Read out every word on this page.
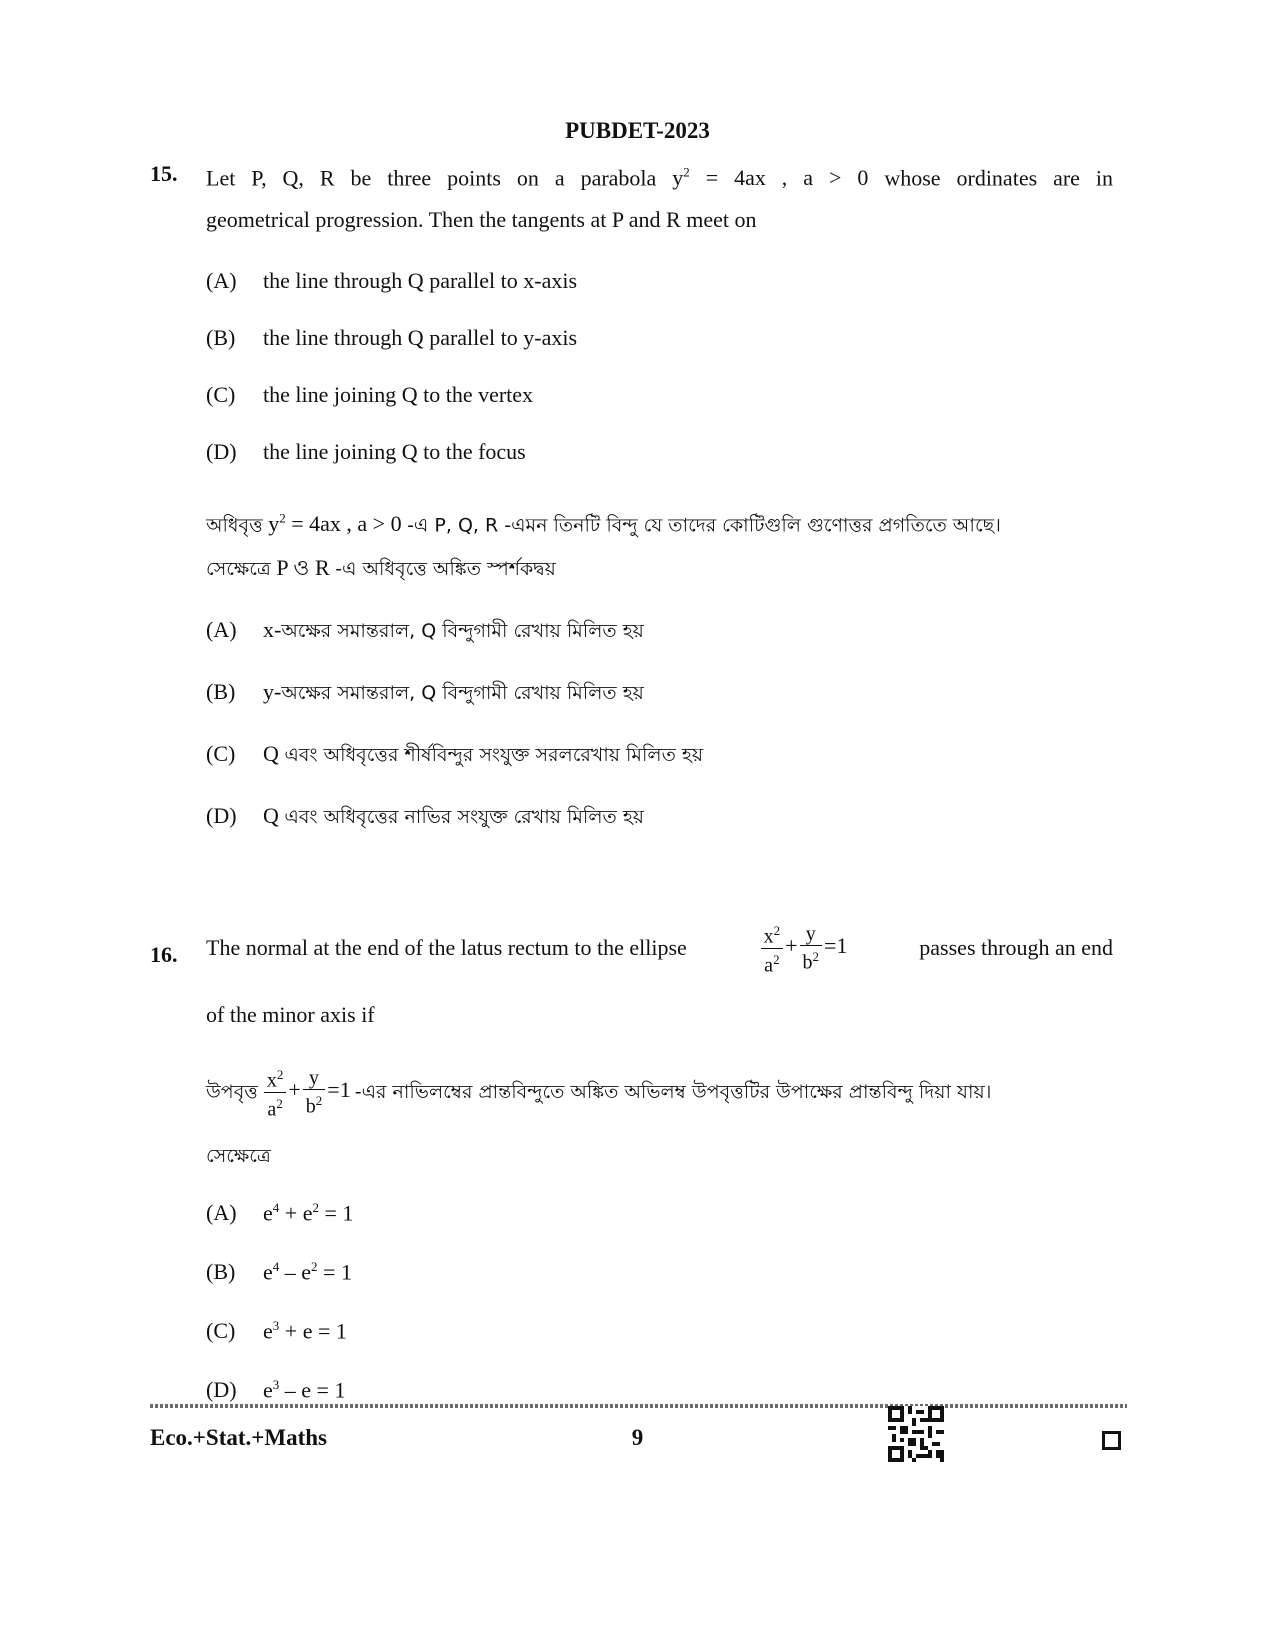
PUBDET-2023
15. Let P, Q, R be three points on a parabola $y^2 = 4ax$ , a > 0 whose ordinates are in
geometrical progression. Then the tangents at P and R meet on
(A) the line through Q parallel to x-axis
(B) the line through Q parallel to y-axis
(C) the line joining Q to the vertex
(D) the line joining Q to the focus
অধিবৃত্ত $y^2 = 4ax$ , a > 0 -এ P, Q, R -এমন তিনটি বিন্দু যে তাদের কোটিগুলি গুণোত্তর প্রগতিতে আছে।
সেক্ষেত্রে P ও R -এ অধিবৃত্তে অঙ্কিত স্পর্শকদ্বয়
(A) x-অক্ষের সমান্তরাল, Q বিন্দুগামী রেখায় মিলিত হয়
(B) y-অক্ষের সমান্তরাল, Q বিন্দুগামী রেখায় মিলিত হয়
(C) Q এবং অধিবৃত্তের শীর্ষবিন্দুর সংযুক্ত সরলরেখায় মিলিত হয়
(D) Q এবং অধিবৃত্তের নাভির সংযুক্ত রেখায় মিলিত হয়
16. The normal at the end of the latus rectum to the ellipse	$\frac{x^2}{a^2} + \frac{y}{b^2} =1$	passes through an end
of the minor axis if
উপবৃত্ত $\frac{x^2}{a^2} + \frac{y}{b^2} =1$ -এর নাভিলম্বের প্রান্তবিন্দুতে অঙ্কিত অভিলম্ব উপবৃত্তটির উপাক্ষের প্রান্তবিন্দু দিয়া যায়।
সেক্ষেত্রে
(A) $e^4 + e^2 = 1$
(B) $e^4 - e^2 = 1$
(C) $e^3 + e = 1$
(D) $e^3 - e = 1$
Eco.+Stat.+Maths	9
